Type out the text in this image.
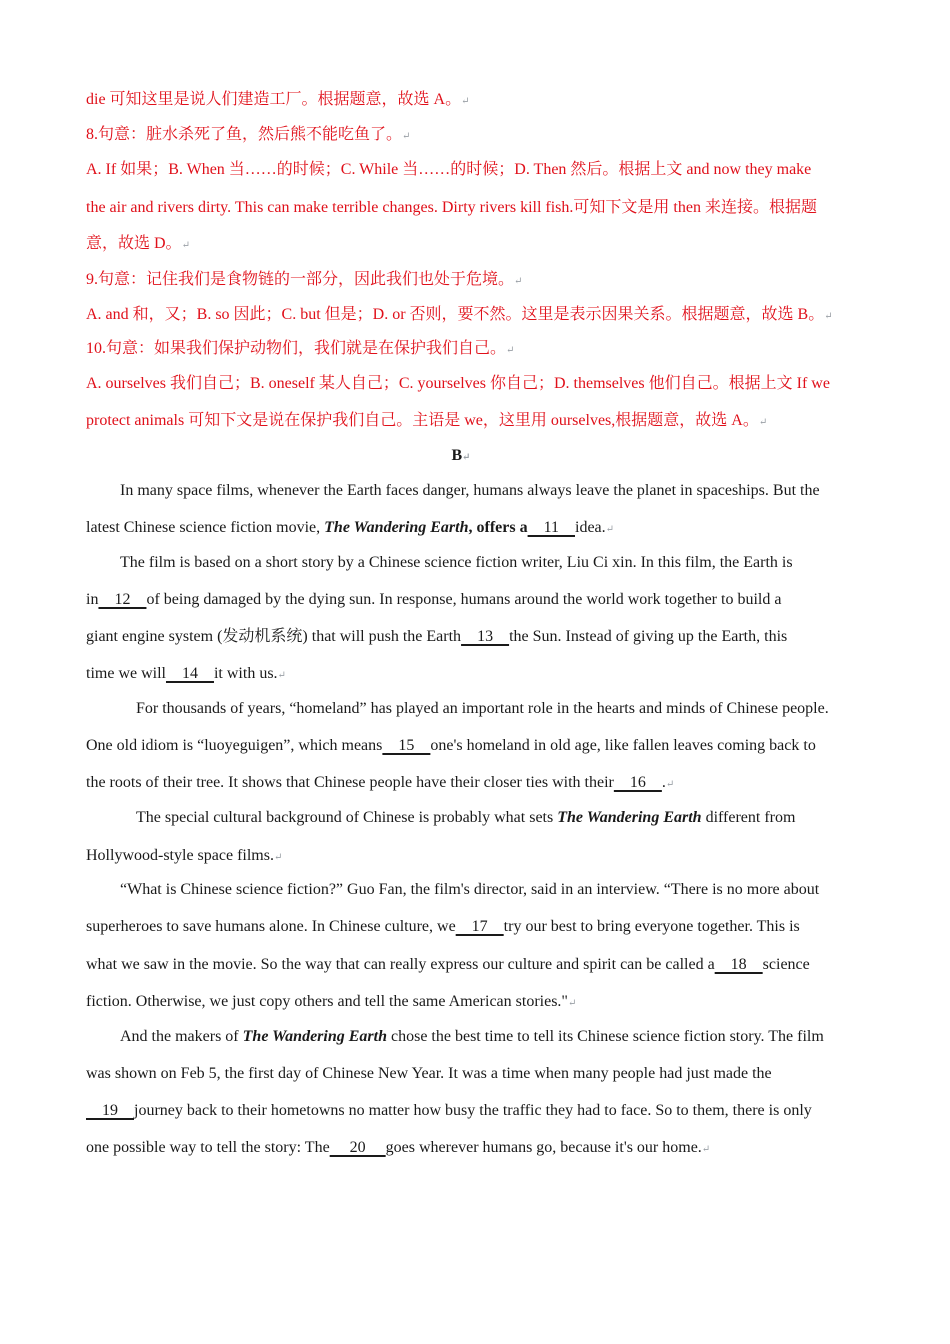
die 可知这里是说人们建造工厂。根据题意，故选 A。↵
8.句意：脏水杀死了鱼，然后熊不能吃鱼了。↵
A. If 如果；B. When 当……的时候；C. While 当……的时候；D. Then 然后。根据上文 and now they make
the air and rivers dirty. This can make terrible changes. Dirty rivers kill fish.可知下文是用 then 来连接。根据题
意，故选 D。↵
9.句意：记住我们是食物链的一部分，因此我们也处于危境。↵
A. and 和，又；B. so 因此；C. but 但是；D. or 否则，要不然。这里是表示因果关系。根据题意，故选 B。↵
10.句意：如果我们保护动物们，我们就是在保护我们自己。↵
A. ourselves 我们自己；B. oneself 某人自己；C. yourselves 你自己；D. themselves 他们自己。根据上文 If we
protect animals 可知下文是说在保护我们自己。主语是 we，这里用 ourselves,根据题意，故选 A。↵
B↵
In many space films, whenever the Earth faces danger, humans always leave the planet in spaceships. But the
latest Chinese science fiction movie, The Wandering Earth, offers a    11    idea.↵
The film is based on a short story by a Chinese science fiction writer, Liu Ci xin. In this film, the Earth is
in    12    of being damaged by the dying sun. In response, humans around the world work together to build a
giant engine system (发动机系统) that will push the Earth    13    the Sun. Instead of giving up the Earth, this
time we will    14    it with us.↵
For thousands of years, “homeland” has played an important role in the hearts and minds of Chinese people.
One old idiom is “luoyeguigen”, which means    15    one's homeland in old age, like fallen leaves coming back to
the roots of their tree. It shows that Chinese people have their closer ties with their    16    .↵
The special cultural background of Chinese is probably what sets The Wandering Earth different from
Hollywood-style space films.↵
“What is Chinese science fiction?” Guo Fan, the film's director, said in an interview. “There is no more about
superheroes to save humans alone. In Chinese culture, we    17    try our best to bring everyone together. This is
what we saw in the movie. So the way that can really express our culture and spirit can be called a    18    science
fiction. Otherwise, we just copy others and tell the same American stories."↵
And the makers of The Wandering Earth chose the best time to tell its Chinese science fiction story. The film
was shown on Feb 5, the first day of Chinese New Year. It was a time when many people had just made the
19    journey back to their hometowns no matter how busy the traffic they had to face. So to them, there is only
one possible way to tell the story: The     20     goes wherever humans go, because it's our home.↵
